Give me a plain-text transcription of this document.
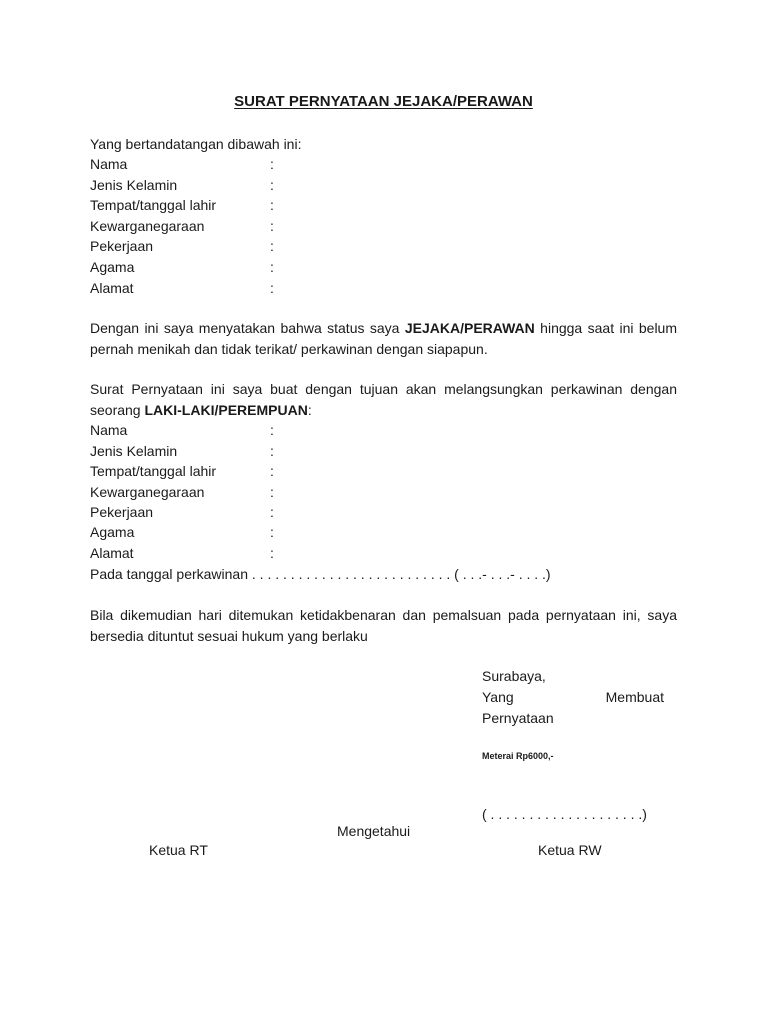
SURAT PERNYATAAN JEJAKA/PERAWAN
Yang bertandatangan dibawah ini:
Nama	:
Jenis Kelamin	:
Tempat/tanggal lahir	:
Kewarganegaraan	:
Pekerjaan	:
Agama	:
Alamat	:
Dengan ini saya menyatakan bahwa status saya JEJAKA/PERAWAN hingga saat ini belum pernah menikah dan tidak terikat/ perkawinan dengan siapapun.
Surat Pernyataan ini saya buat dengan tujuan akan melangsungkan perkawinan dengan seorang LAKI-LAKI/PEREMPUAN:
Nama	:
Jenis Kelamin	:
Tempat/tanggal lahir	:
Kewarganegaraan	:
Pekerjaan	:
Agama	:
Alamat	:
Pada tanggal perkawinan . . . . . . . . . . . . . . . . . . . . . . . . . . ( . . .- . . .- . . . .)
Bila dikemudian hari ditemukan ketidakbenaran dan pemalsuan pada pernyataan ini, saya bersedia dituntut sesuai hukum yang berlaku
Surabaya,
Yang	Membuat
Pernyataan
Meterai Rp6000,-
( . . . . . . . . . . . . . . . . . . . .)
Mengetahui
Ketua RT	Ketua RW
